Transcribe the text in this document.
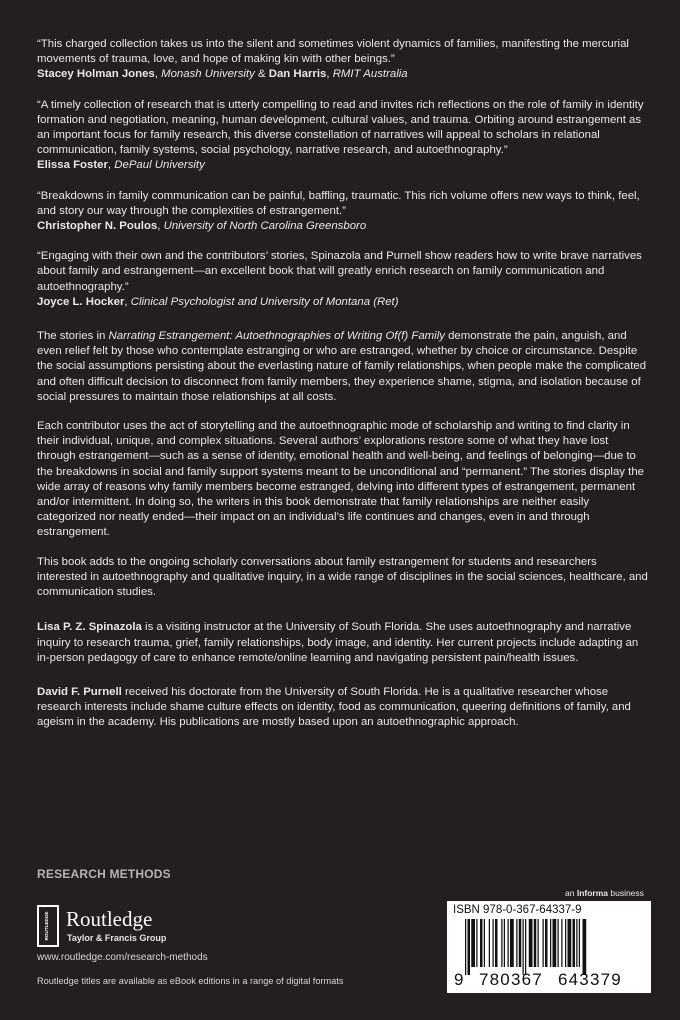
“This charged collection takes us into the silent and sometimes violent dynamics of families, manifesting the mercurial movements of trauma, love, and hope of making kin with other beings.”

Stacey Holman Jones, Monash University & Dan Harris, RMIT Australia

“A timely collection of research that is utterly compelling to read and invites rich reflections on the role of family in identity formation and negotiation, meaning, human development, cultural values, and trauma. Orbiting around estrangement as an important focus for family research, this diverse constellation of narratives will appeal to scholars in relational communication, family systems, social psychology, narrative research, and autoethnography.”

Elissa Foster, DePaul University

“Breakdowns in family communication can be painful, baffling, traumatic. This rich volume offers new ways to think, feel, and story our way through the complexities of estrangement.”

Christopher N. Poulos, University of North Carolina Greensboro

“Engaging with their own and the contributors’ stories, Spinazola and Purnell show readers how to write brave narratives about family and estrangement—an excellent book that will greatly enrich research on family communication and autoethnography.”

Joyce L. Hocker, Clinical Psychologist and University of Montana (Ret)

The stories in Narrating Estrangement: Autoethnographies of Writing Of(f) Family demonstrate the pain, anguish, and even relief felt by those who contemplate estranging or who are estranged, whether by choice or circumstance. Despite the social assumptions persisting about the everlasting nature of family relationships, when people make the complicated and often difficult decision to disconnect from family members, they experience shame, stigma, and isolation because of social pressures to maintain those relationships at all costs.

Each contributor uses the act of storytelling and the autoethnographic mode of scholarship and writing to find clarity in their individual, unique, and complex situations. Several authors’ explorations restore some of what they have lost through estrangement—such as a sense of identity, emotional health and well-being, and feelings of belonging—due to the breakdowns in social and family support systems meant to be unconditional and “permanent.” The stories display the wide array of reasons why family members become estranged, delving into different types of estrangement, permanent and/or intermittent. In doing so, the writers in this book demonstrate that family relationships are neither easily categorized nor neatly ended—their impact on an individual’s life continues and changes, even in and through estrangement.

This book adds to the ongoing scholarly conversations about family estrangement for students and researchers interested in autoethnography and qualitative inquiry, in a wide range of disciplines in the social sciences, healthcare, and communication studies.

Lisa P. Z. Spinazola is a visiting instructor at the University of South Florida. She uses autoethnography and narrative inquiry to research trauma, grief, family relationships, body image, and identity. Her current projects include adapting an in-person pedagogy of care to enhance remote/online learning and navigating persistent pain/health issues.

David F. Purnell received his doctorate from the University of South Florida. He is a qualitative researcher whose research interests include shame culture effects on identity, food as communication, queering definitions of family, and ageism in the academy. His publications are mostly based upon an autoethnographic approach.

RESEARCH METHODS
ROUTLEDGE Routledge
Taylor & Francis Group
www.routledge.com/research-methods
Routledge titles are available as eBook editions in a range of digital formats
an Informa business
ISBN 978-0-367-64337-9
9 780367 643379
